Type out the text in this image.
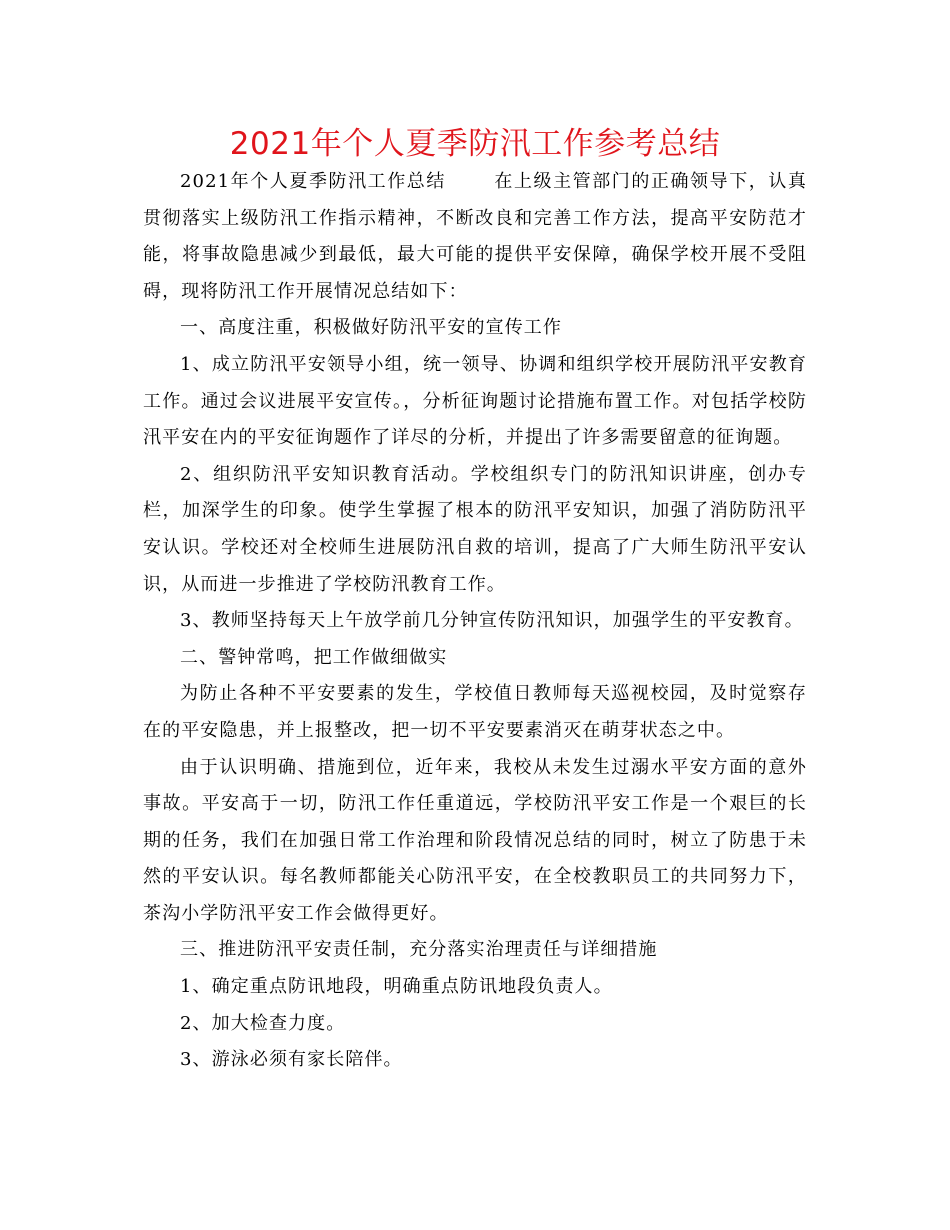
2021年个人夏季防汛工作参考总结

2021年个人夏季防汛工作总结	在上级主管部门的正确领导下，认真贯彻落实上级防汛工作指示精神，不断改良和完善工作方法，提高平安防范才能，将事故隐患减少到最低，最大可能的提供平安保障，确保学校开展不受阻碍，现将防汛工作开展情况总结如下：

一、高度注重，积极做好防汛平安的宣传工作

1、成立防汛平安领导小组，统一领导、协调和组织学校开展防汛平安教育工作。通过会议进展平安宣传。，分析征询题讨论措施布置工作。对包括学校防汛平安在内的平安征询题作了详尽的分析，并提出了许多需要留意的征询题。

2、组织防汛平安知识教育活动。学校组织专门的防汛知识讲座，创办专栏，加深学生的印象。使学生掌握了根本的防汛平安知识，加强了消防防汛平安认识。学校还对全校师生进展防汛自救的培训，提高了广大师生防汛平安认识，从而进一步推进了学校防汛教育工作。

3、教师坚持每天上午放学前几分钟宣传防汛知识，加强学生的平安教育。

二、警钟常鸣，把工作做细做实

为防止各种不平安要素的发生，学校值日教师每天巡视校园，及时觉察存在的平安隐患，并上报整改，把一切不平安要素消灭在萌芽状态之中。

由于认识明确、措施到位，近年来，我校从未发生过溺水平安方面的意外事故。平安高于一切，防汛工作任重道远，学校防汛平安工作是一个艰巨的长期的任务，我们在加强日常工作治理和阶段情况总结的同时，树立了防患于未然的平安认识。每名教师都能关心防汛平安，在全校教职员工的共同努力下，茶沟小学防汛平安工作会做得更好。

三、推进防汛平安责任制，充分落实治理责任与详细措施

1、确定重点防讯地段，明确重点防讯地段负责人。

2、加大检查力度。

3、游泳必须有家长陪伴。
